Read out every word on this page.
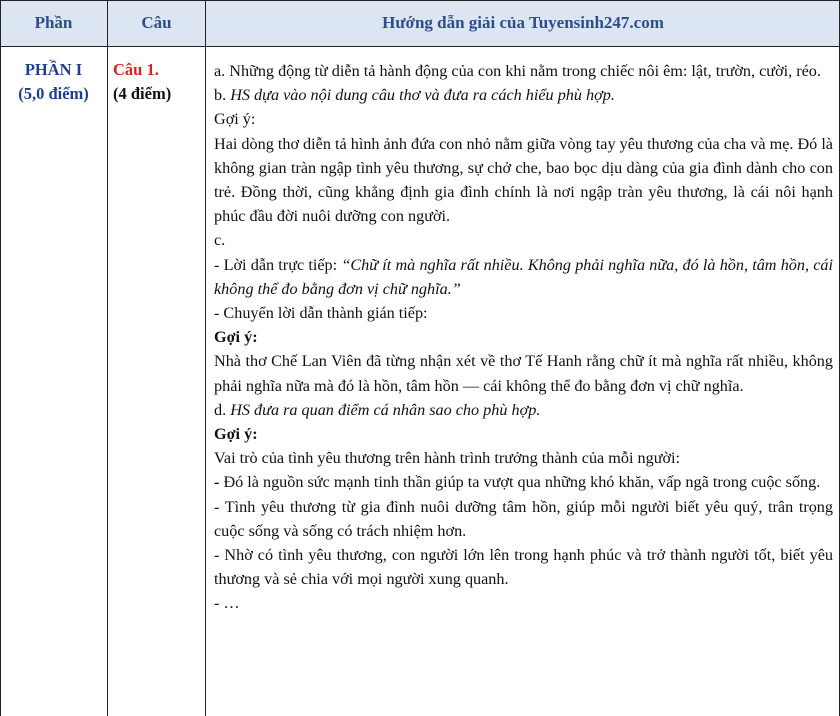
Phần	Câu	Hướng dẫn giải của Tuyensinh247.com
PHẦN I
(5,0 điểm)
Câu 1.
(4 điểm)

a. Những động từ diễn tả hành động của con khi nằm trong chiếc nôi êm: lật, trườn, cười, réo.

b. HS dựa vào nội dung câu thơ và đưa ra cách hiểu phù hợp.

Gợi ý:

Hai dòng thơ diễn tả hình ảnh đứa con nhỏ nằm giữa vòng tay yêu thương của cha và mẹ. Đó là không gian tràn ngập tình yêu thương, sự chở che, bao bọc dịu dàng của gia đình dành cho con trẻ. Đồng thời, cũng khẳng định gia đình chính là nơi ngập tràn yêu thương, là cái nôi hạnh phúc đầu đời nuôi dưỡng con người.

c.

- Lời dẫn trực tiếp: “Chữ ít mà nghĩa rất nhiều. Không phải nghĩa nữa, đó là hồn, tâm hồn, cái không thể đo bằng đơn vị chữ nghĩa.”

- Chuyển lời dẫn thành gián tiếp:

Gợi ý:

Nhà thơ Chế Lan Viên đã từng nhận xét về thơ Tế Hanh rằng chữ ít mà nghĩa rất nhiều, không phải nghĩa nữa mà đó là hồn, tâm hồn — cái không thể đo bằng đơn vị chữ nghĩa.

d. HS đưa ra quan điểm cá nhân sao cho phù hợp.

Gợi ý:

Vai trò của tình yêu thương trên hành trình trưởng thành của mỗi người:

- Đó là nguồn sức mạnh tinh thần giúp ta vượt qua những khó khăn, vấp ngã trong cuộc sống.

- Tình yêu thương từ gia đình nuôi dưỡng tâm hồn, giúp mỗi người biết yêu quý, trân trọng cuộc sống và sống có trách nhiệm hơn.

- Nhờ có tình yêu thương, con người lớn lên trong hạnh phúc và trở thành người tốt, biết yêu thương và sẻ chia với mọi người xung quanh.

- …
